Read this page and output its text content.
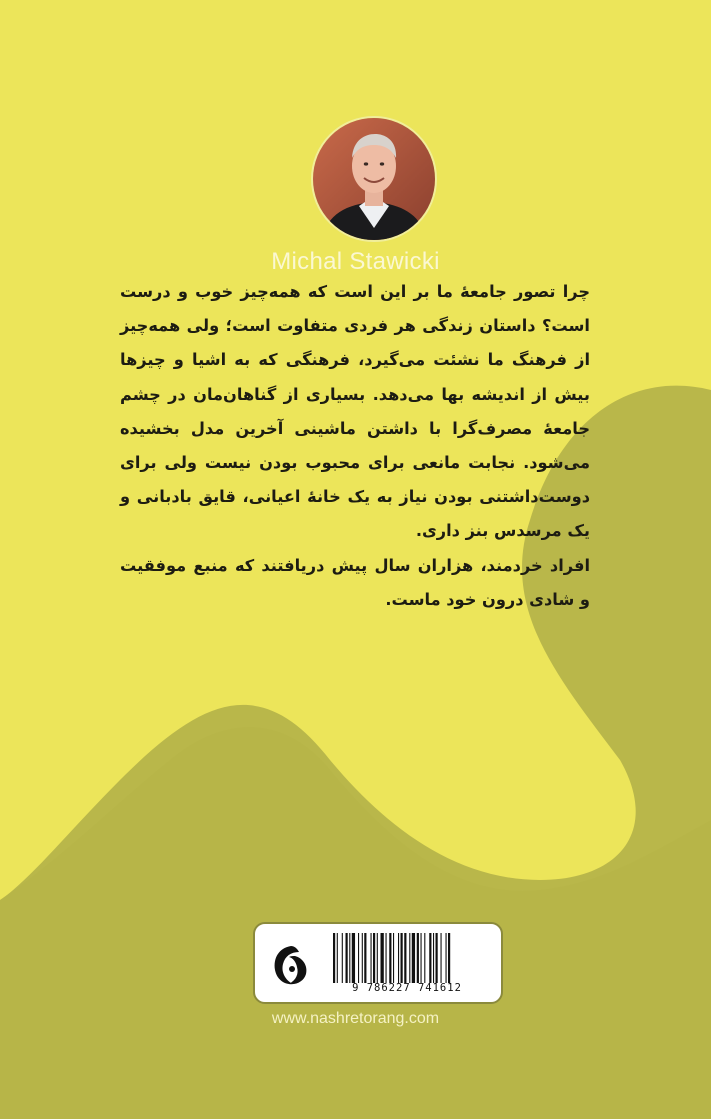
Michal Stawicki

چرا تصور جامعهٔ ما بر این است که همه‌چیز خوب و درست است؟ داستان زندگی هر فردی متفاوت است؛ ولی همه‌چیز از فرهنگ ما نشئت می‌گیرد، فرهنگی که به اشیا و چیزها بیش از اندیشه بها می‌دهد. بسیاری از گناهان‌مان در چشم جامعهٔ مصرف‌گرا با داشتن ماشینی آخرین مدل بخشیده می‌شود. نجابت مانعی برای محبوب بودن نیست ولی برای دوست‌داشتنی بودن نیاز به یک خانهٔ اعیانی، قایق بادبانی و یک مرسدس بنز داری.

افراد خردمند، هزاران سال پیش دریافتند که منبع موفقیت و شادی درون خود ماست.

9 786227 741612
www.nashretorang.com
